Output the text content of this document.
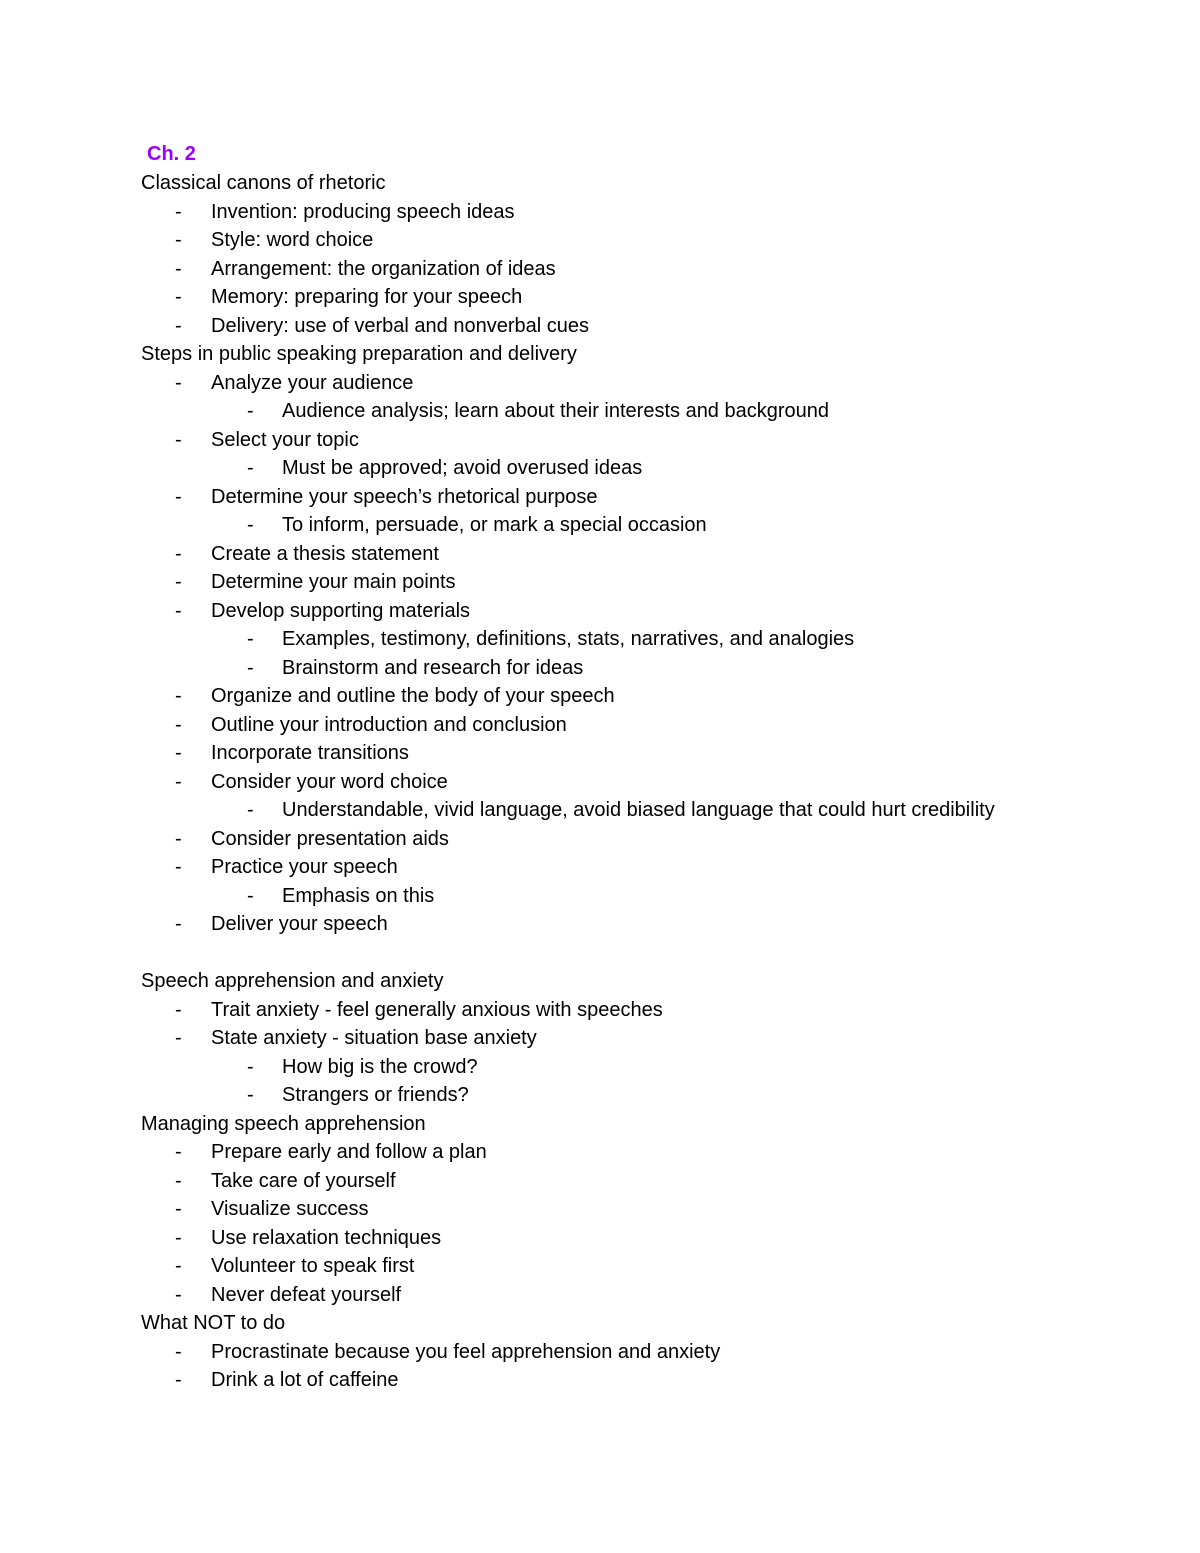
Ch. 2
Classical canons of rhetoric
- Invention: producing speech ideas
- Style: word choice
- Arrangement: the organization of ideas
- Memory: preparing for your speech
- Delivery: use of verbal and nonverbal cues
Steps in public speaking preparation and delivery
- Analyze your audience
- Audience analysis; learn about their interests and background
- Select your topic
- Must be approved; avoid overused ideas
- Determine your speech’s rhetorical purpose
- To inform, persuade, or mark a special occasion
- Create a thesis statement
- Determine your main points
- Develop supporting materials
- Examples, testimony, definitions, stats, narratives, and analogies
- Brainstorm and research for ideas
- Organize and outline the body of your speech
- Outline your introduction and conclusion
- Incorporate transitions
- Consider your word choice
- Understandable, vivid language, avoid biased language that could hurt credibility
- Consider presentation aids
- Practice your speech
- Emphasis on this
- Deliver your speech
Speech apprehension and anxiety
- Trait anxiety - feel generally anxious with speeches
- State anxiety - situation base anxiety
- How big is the crowd?
- Strangers or friends?
Managing speech apprehension
- Prepare early and follow a plan
- Take care of yourself
- Visualize success
- Use relaxation techniques
- Volunteer to speak first
- Never defeat yourself
What NOT to do
- Procrastinate because you feel apprehension and anxiety
- Drink a lot of caffeine
